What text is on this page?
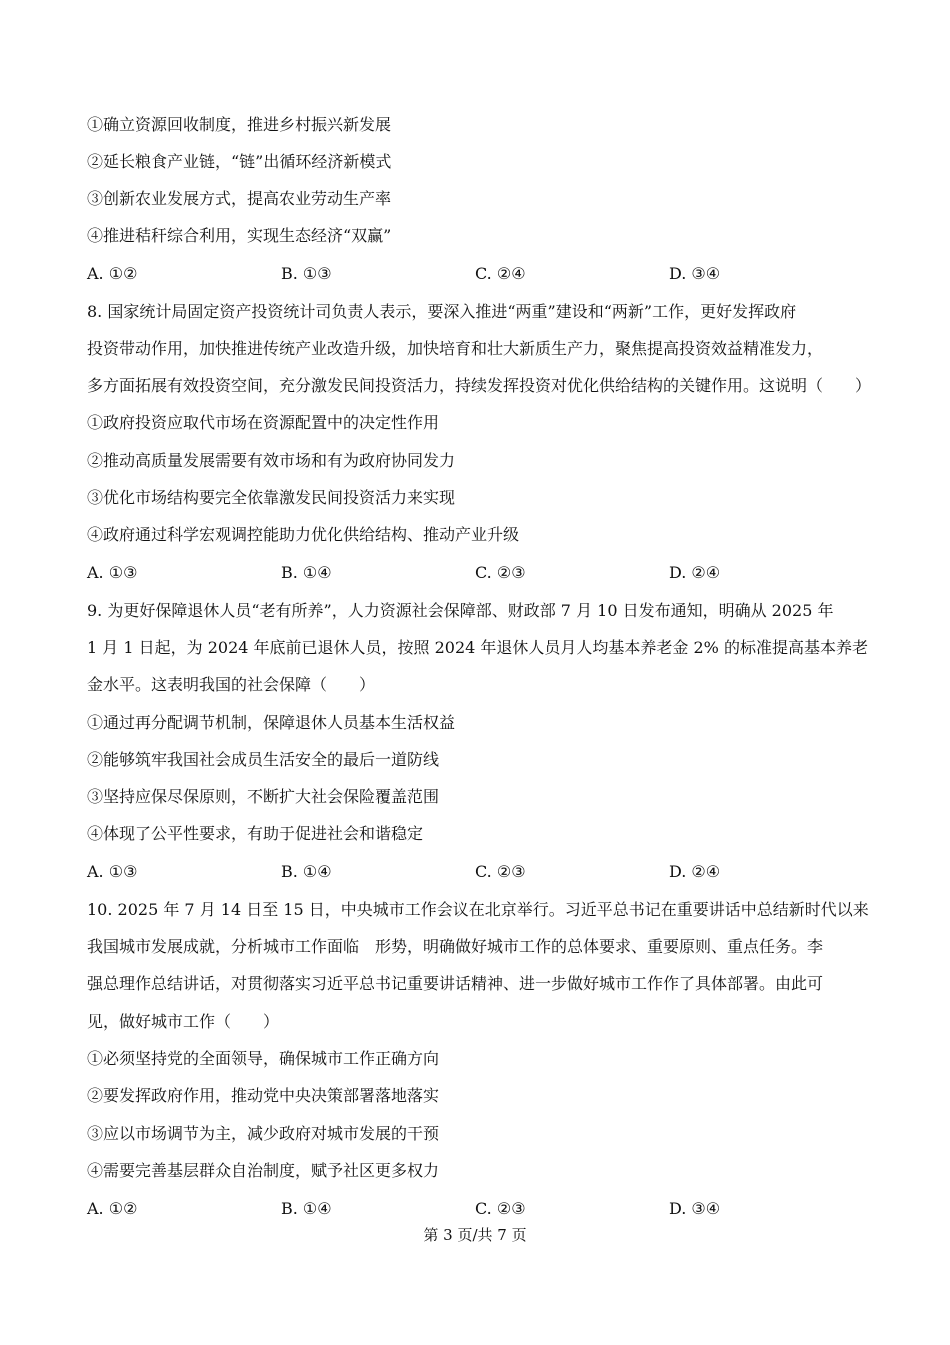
①确立资源回收制度，推进乡村振兴新发展
②延长粮食产业链，“链”出循环经济新模式
③创新农业发展方式，提高农业劳动生产率
④推进秸秆综合利用，实现生态经济“双赢”
A. ①②	B. ①③	C. ②④	D. ③④
8. 国家统计局固定资产投资统计司负责人表示，要深入推进“两重”建设和“两新”工作，更好发挥政府
投资带动作用，加快推进传统产业改造升级，加快培育和壮大新质生产力，聚焦提高投资效益精准发力，
多方面拓展有效投资空间，充分激发民间投资活力，持续发挥投资对优化供给结构的关键作用。这说明（　　）
①政府投资应取代市场在资源配置中的决定性作用
②推动高质量发展需要有效市场和有为政府协同发力
③优化市场结构要完全依靠激发民间投资活力来实现
④政府通过科学宏观调控能助力优化供给结构、推动产业升级
A. ①③	B. ①④	C. ②③	D. ②④
9. 为更好保障退休人员“老有所养”，人力资源社会保障部、财政部 7 月 10 日发布通知，明确从 2025 年
1 月 1 日起，为 2024 年底前已退休人员，按照 2024 年退休人员月人均基本养老金 2% 的标准提高基本养老
金水平。这表明我国的社会保障（　　）
①通过再分配调节机制，保障退休人员基本生活权益
②能够筑牢我国社会成员生活安全的最后一道防线
③坚持应保尽保原则，不断扩大社会保险覆盖范围
④体现了公平性要求，有助于促进社会和谐稳定
A. ①③	B. ①④	C. ②③	D. ②④
10. 2025 年 7 月 14 日至 15 日，中央城市工作会议在北京举行。习近平总书记在重要讲话中总结新时代以来
我国城市发展成就，分析城市工作面临　形势，明确做好城市工作的总体要求、重要原则、重点任务。李
强总理作总结讲话，对贯彻落实习近平总书记重要讲话精神、进一步做好城市工作作了具体部署。由此可
见，做好城市工作（　　）
①必须坚持党的全面领导，确保城市工作正确方向
②要发挥政府作用，推动党中央决策部署落地落实
③应以市场调节为主，减少政府对城市发展的干预
④需要完善基层群众自治制度，赋予社区更多权力
A. ①②	B. ①④	C. ②③	D. ③④
第 3 页/共 7 页
